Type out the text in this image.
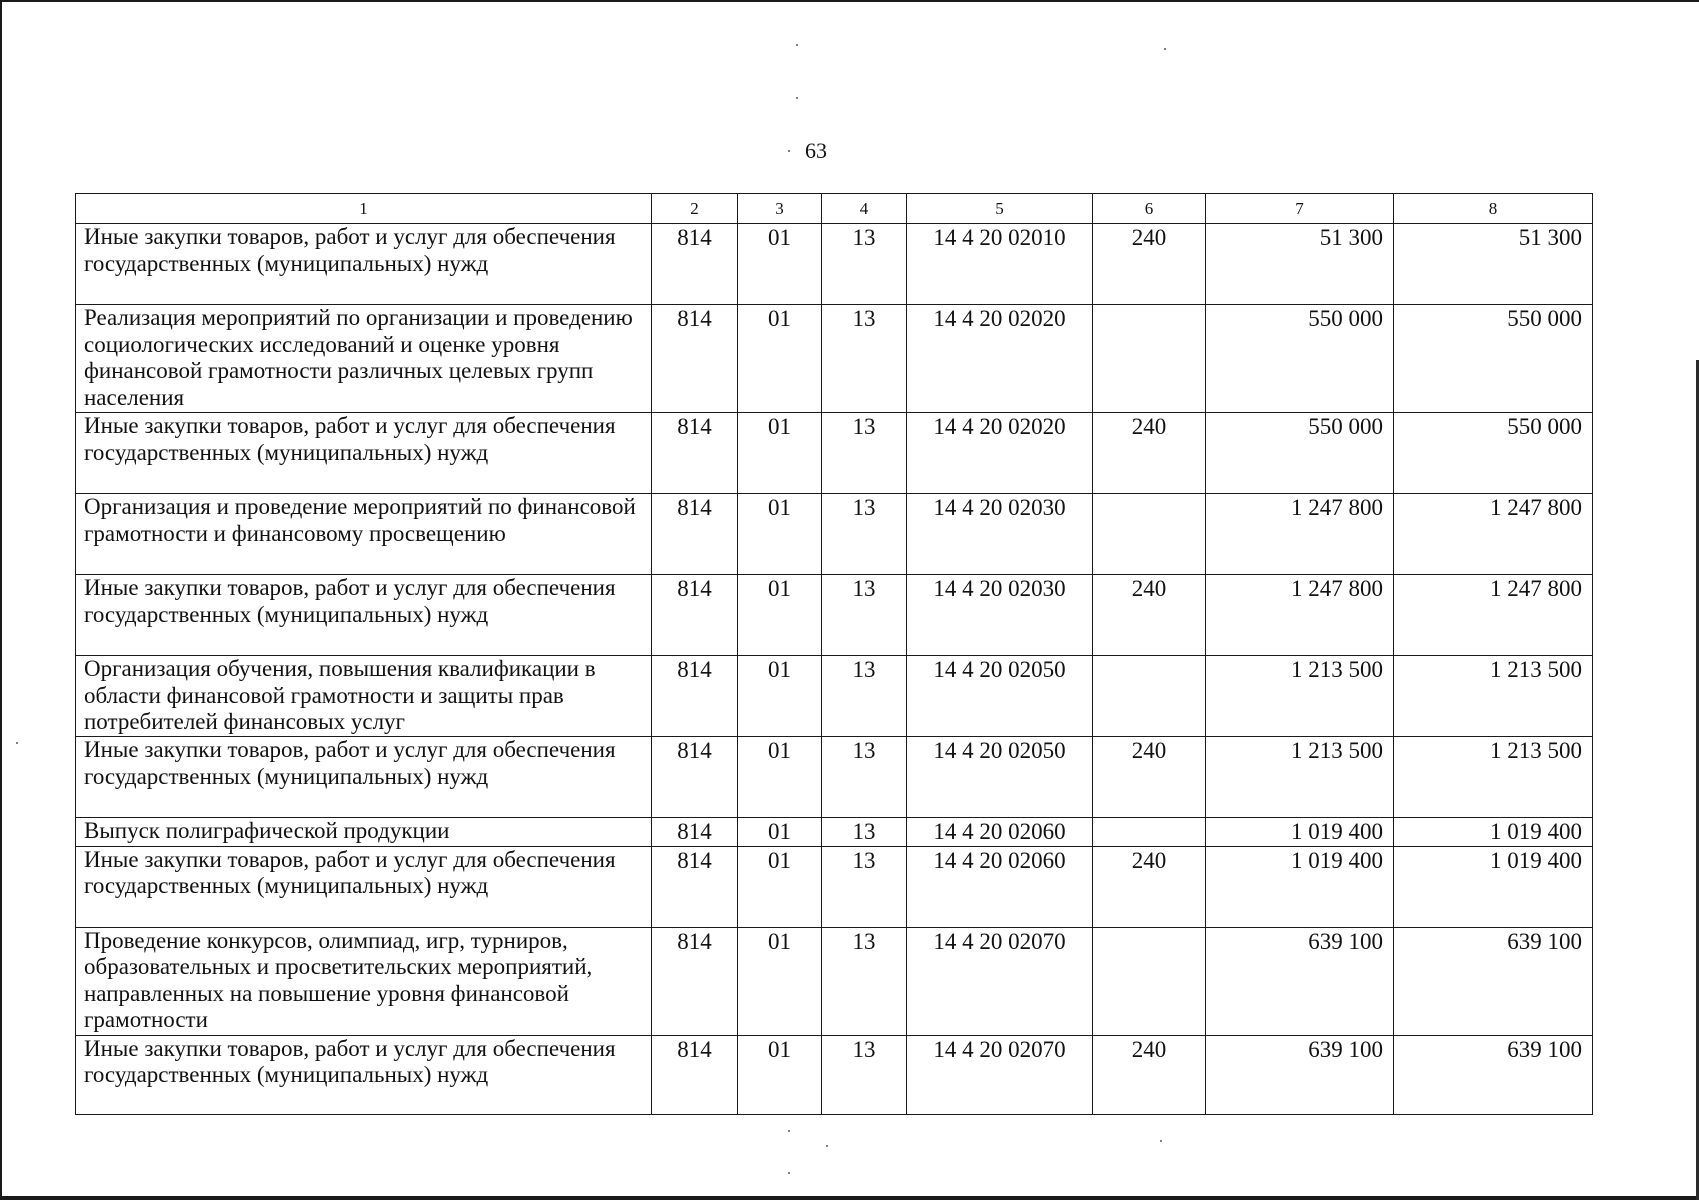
63
1	2	3	4	5	6	7	8
Иные закупки товаров, работ и услуг для обеспечения государственных (муниципальных) нужд	814	01	13	14 4 20 02010	240	51 300	51 300
Реализация мероприятий по организации и проведению социологических исследований и оценке уровня финансовой грамотности различных целевых групп населения	814	01	13	14 4 20 02020		550 000	550 000
Иные закупки товаров, работ и услуг для обеспечения государственных (муниципальных) нужд	814	01	13	14 4 20 02020	240	550 000	550 000
Организация и проведение мероприятий по финансовой грамотности и финансовому просвещению	814	01	13	14 4 20 02030		1 247 800	1 247 800
Иные закупки товаров, работ и услуг для обеспечения государственных (муниципальных) нужд	814	01	13	14 4 20 02030	240	1 247 800	1 247 800
Организация обучения, повышения квалификации в области финансовой грамотности и защиты прав потребителей финансовых услуг	814	01	13	14 4 20 02050		1 213 500	1 213 500
Иные закупки товаров, работ и услуг для обеспечения государственных (муниципальных) нужд	814	01	13	14 4 20 02050	240	1 213 500	1 213 500
Выпуск полиграфической продукции	814	01	13	14 4 20 02060		1 019 400	1 019 400
Иные закупки товаров, работ и услуг для обеспечения государственных (муниципальных) нужд	814	01	13	14 4 20 02060	240	1 019 400	1 019 400
Проведение конкурсов, олимпиад, игр, турниров, образовательных и просветительских мероприятий, направленных на повышение уровня финансовой грамотности	814	01	13	14 4 20 02070		639 100	639 100
Иные закупки товаров, работ и услуг для обеспечения государственных (муниципальных) нужд	814	01	13	14 4 20 02070	240	639 100	639 100
